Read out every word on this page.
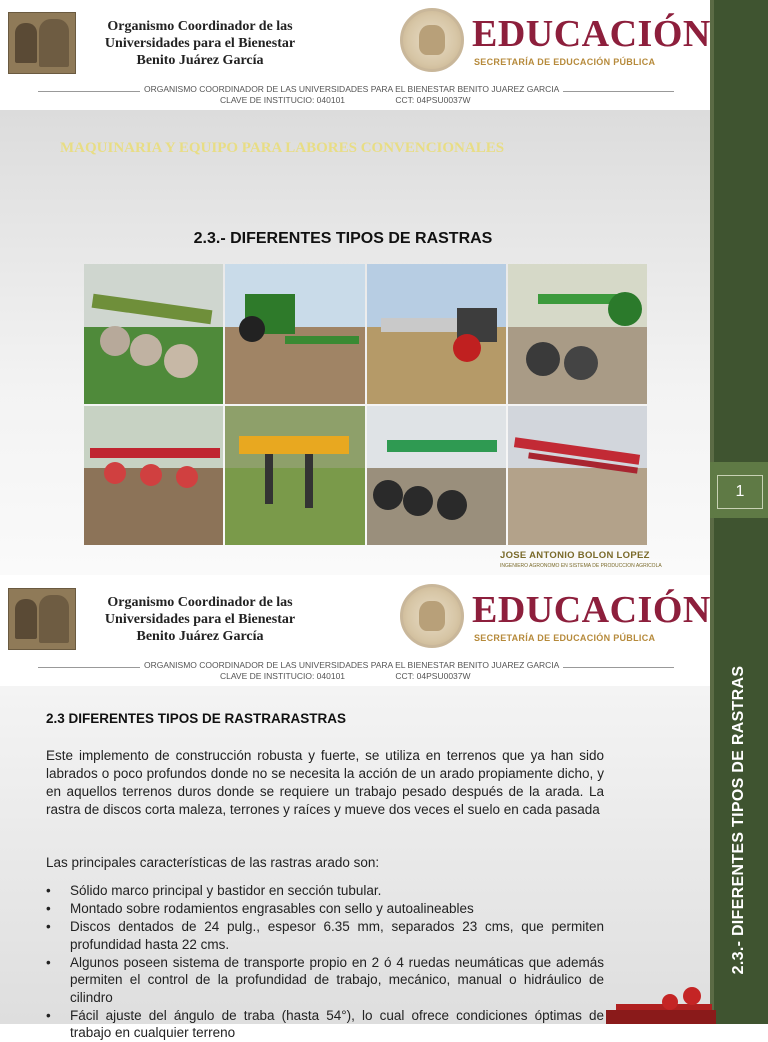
1
2.3.- DIFERENTES TIPOS DE RASTRAS
Organismo Coordinador de las
Universidades para el Bienestar
Benito Juárez García
EDUCACIÓN
SECRETARÍA DE EDUCACIÓN PÚBLICA
ORGANISMO COORDINADOR DE LAS UNIVERSIDADES PARA EL BIENESTAR BENITO JUAREZ GARCIA
CLAVE DE INSTITUCIO: 040101	CCT: 04PSU0037W
MAQUINARIA Y EQUIPO PARA LABORES CONVENCIONALES
2.3.- DIFERENTES TIPOS DE RASTRAS
JOSE ANTONIO BOLON LOPEZ
INGENIERO AGRONOMO EN SISTEMA DE PRODUCCION AGRICOLA
Organismo Coordinador de las
Universidades para el Bienestar
Benito Juárez García
EDUCACIÓN
SECRETARÍA DE EDUCACIÓN PÚBLICA
ORGANISMO COORDINADOR DE LAS UNIVERSIDADES PARA EL BIENESTAR BENITO JUAREZ GARCIA
CLAVE DE INSTITUCIO: 040101	CCT: 04PSU0037W
2.3 DIFERENTES TIPOS DE RASTRARASTRAS
Este implemento de construcción robusta y fuerte, se utiliza en terrenos que ya han sido labrados o poco profundos donde no se necesita la acción de un arado propiamente dicho, y en aquellos terrenos duros donde se requiere un trabajo pesado después de la arada. La rastra de discos corta maleza, terrones y raíces y mueve dos veces el suelo en cada pasada
Las principales características de las rastras arado son:
• Sólido marco principal y bastidor en sección tubular.
• Montado sobre rodamientos engrasables con sello y autoalineables
• Discos dentados de 24 pulg., espesor 6.35 mm, separados 23 cms, que permiten profundidad hasta 22 cms.
• Algunos poseen sistema de transporte propio en 2 ó 4 ruedas neumáticas que además permiten el control de la profundidad de trabajo, mecánico, manual o hidráulico de cilindro
• Fácil ajuste del ángulo de traba (hasta 54°), lo cual ofrece condiciones óptimas de trabajo en cualquier terreno
